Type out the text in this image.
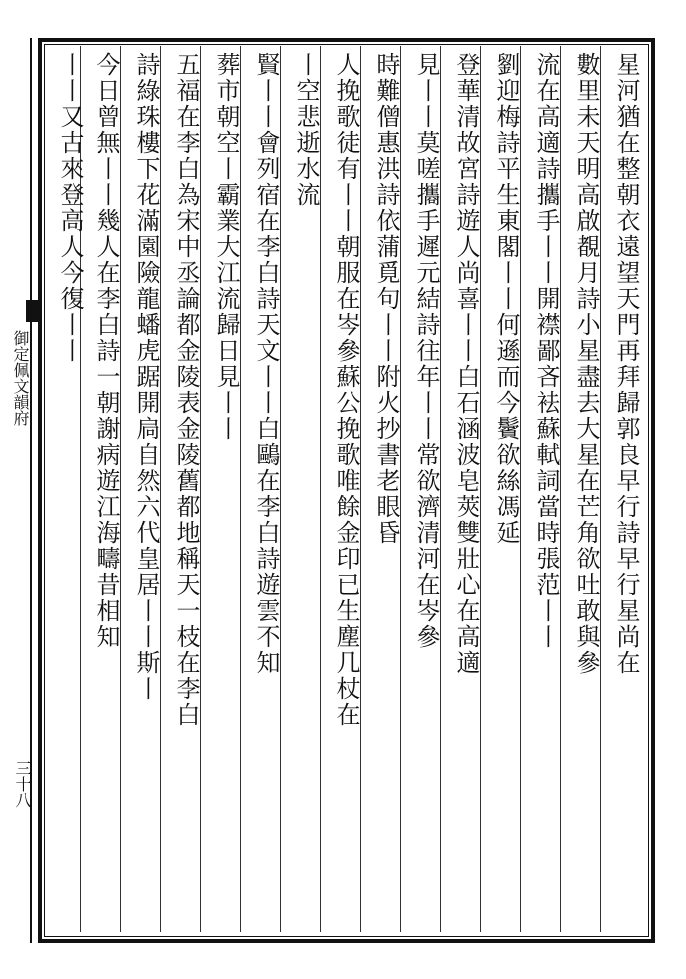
御定佩文韻府
三十八
星河猶在整朝衣遠望天門再拜歸郭良早行詩早行星尚在
數里未天明高啟覩月詩小星盡去大星在芒角欲吐敢與參
流在高適詩攜手丨丨開襟鄙吝袪蘇軾詞當時張范丨丨
劉迎梅詩平生東閣丨丨何遜而今鬢欲絲馮延
登華清故宮詩遊人尚喜丨丨白石涵波皂莢雙壯心在高適
見丨丨莫嗟攜手遲元結詩往年丨丨常欲濟清河在岑參
時難僧惠洪詩依蒲覓句丨丨附火抄書老眼昏
人挽歌徒有丨丨朝服在岑參蘇公挽歌唯餘金印已生塵几杖在
丨空悲逝水流
賢丨丨會列宿在李白詩天文丨丨白鷗在李白詩遊雲不知
葬市朝空丨霸業大江流歸日見丨丨
五福在李白為宋中丞論都金陵表金陵舊都地稱天一枝在李白
詩綠珠樓下花滿園險龍蟠虎踞開扃自然六代皇居丨丨斯丨
今日曾無丨丨幾人在李白詩一朝謝病遊江海疇昔相知
丨丨又古來登高人今復丨丨
